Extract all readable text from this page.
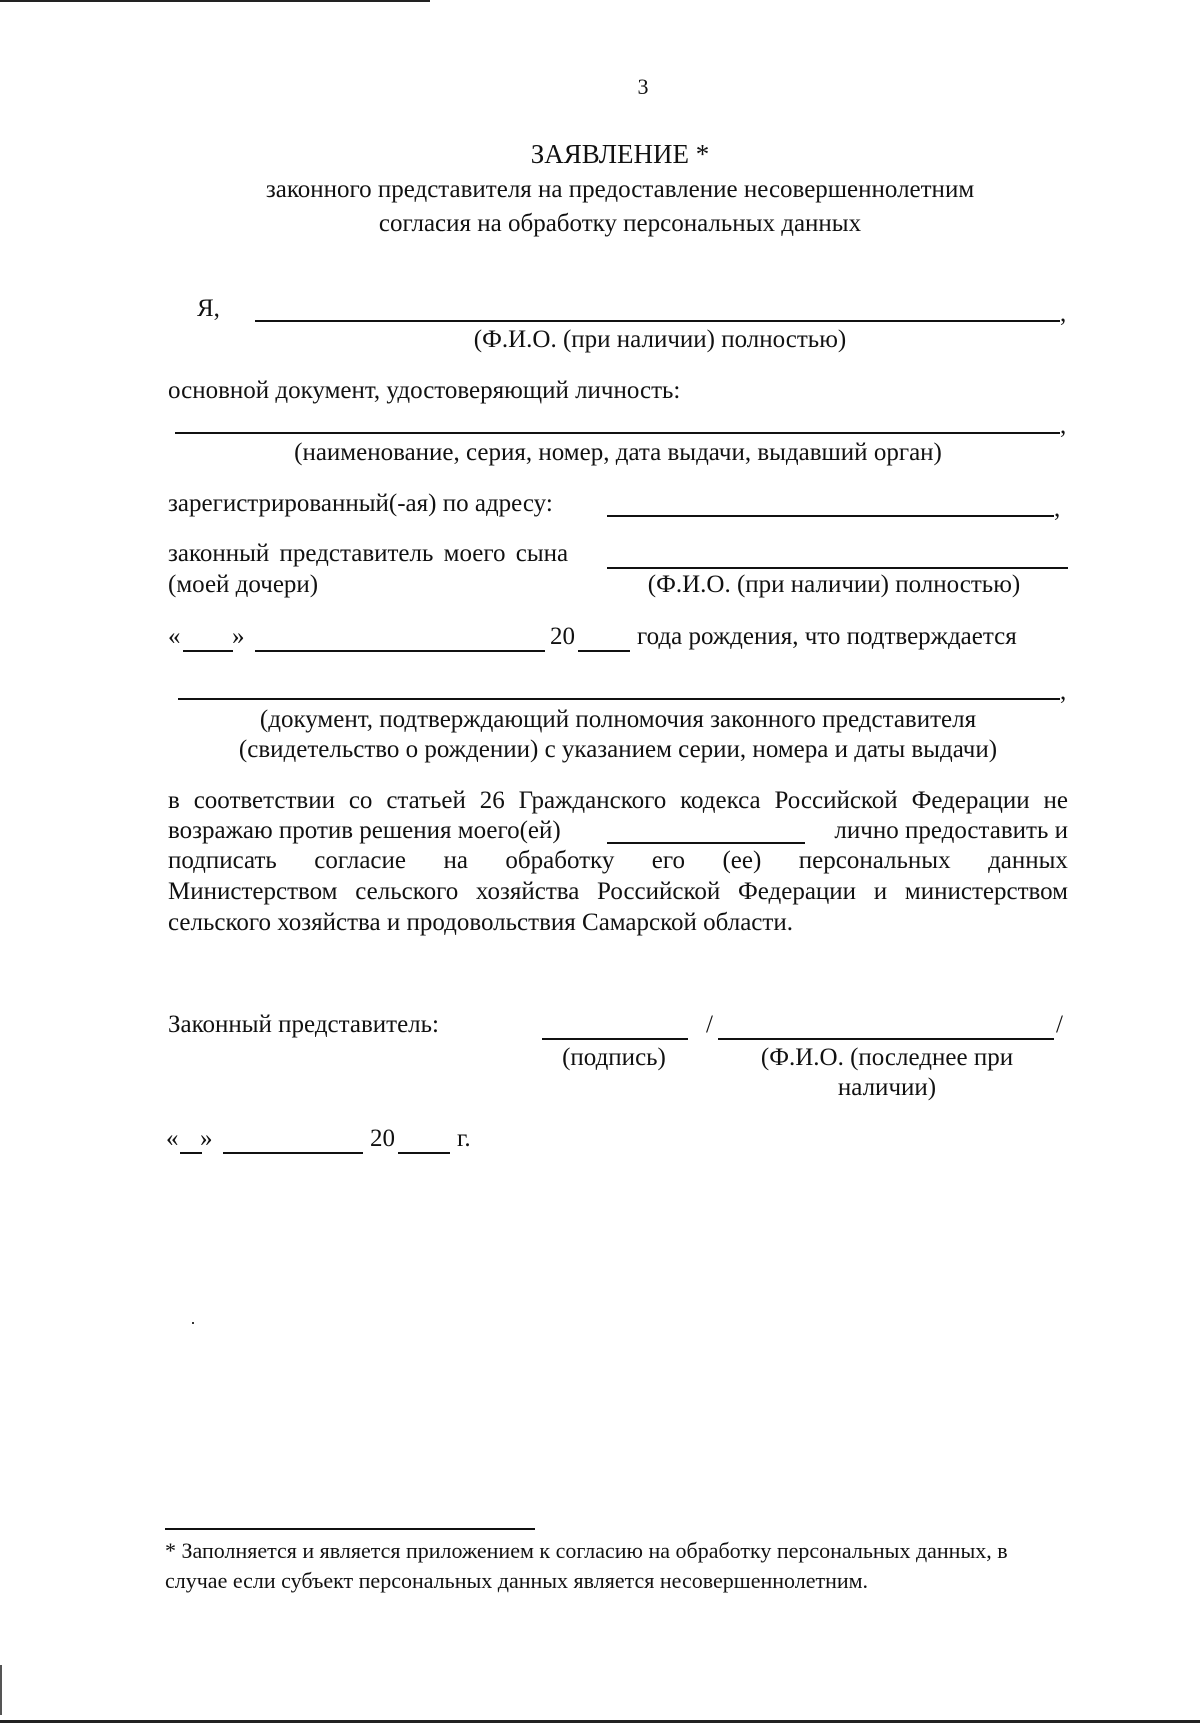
3
ЗАЯВЛЕНИЕ *
законного представителя на предоставление несовершеннолетним
согласия на обработку персональных данных
Я,	,
(Ф.И.О. (при наличии) полностью)
основной документ, удостоверяющий личность:
,
(наименование, серия, номер, дата выдачи, выдавший орган)
зарегистрированный(-ая) по адресу:	,
законный представитель моего сына
(моей дочери)	(Ф.И.О. (при наличии) полностью)
« »	20 года рождения, что подтверждается
,
(документ, подтверждающий полномочия законного представителя
(свидетельство о рождении) с указанием серии, номера и даты выдачи)
в соответствии со статьей 26 Гражданского кодекса Российской Федерации не
возражаю против решения моего(ей)	лично предоставить и
подписать согласие на обработку его (ее) персональных данных
Министерством сельского хозяйства Российской Федерации и министерством
сельского хозяйства и продовольствия Самарской области.
Законный представитель:	/	/
(подпись)	(Ф.И.О. (последнее при
наличии)
« »	20 г.
* Заполняется и является приложением к согласию на обработку персональных данных, в
случае если субъект персональных данных является несовершеннолетним.
